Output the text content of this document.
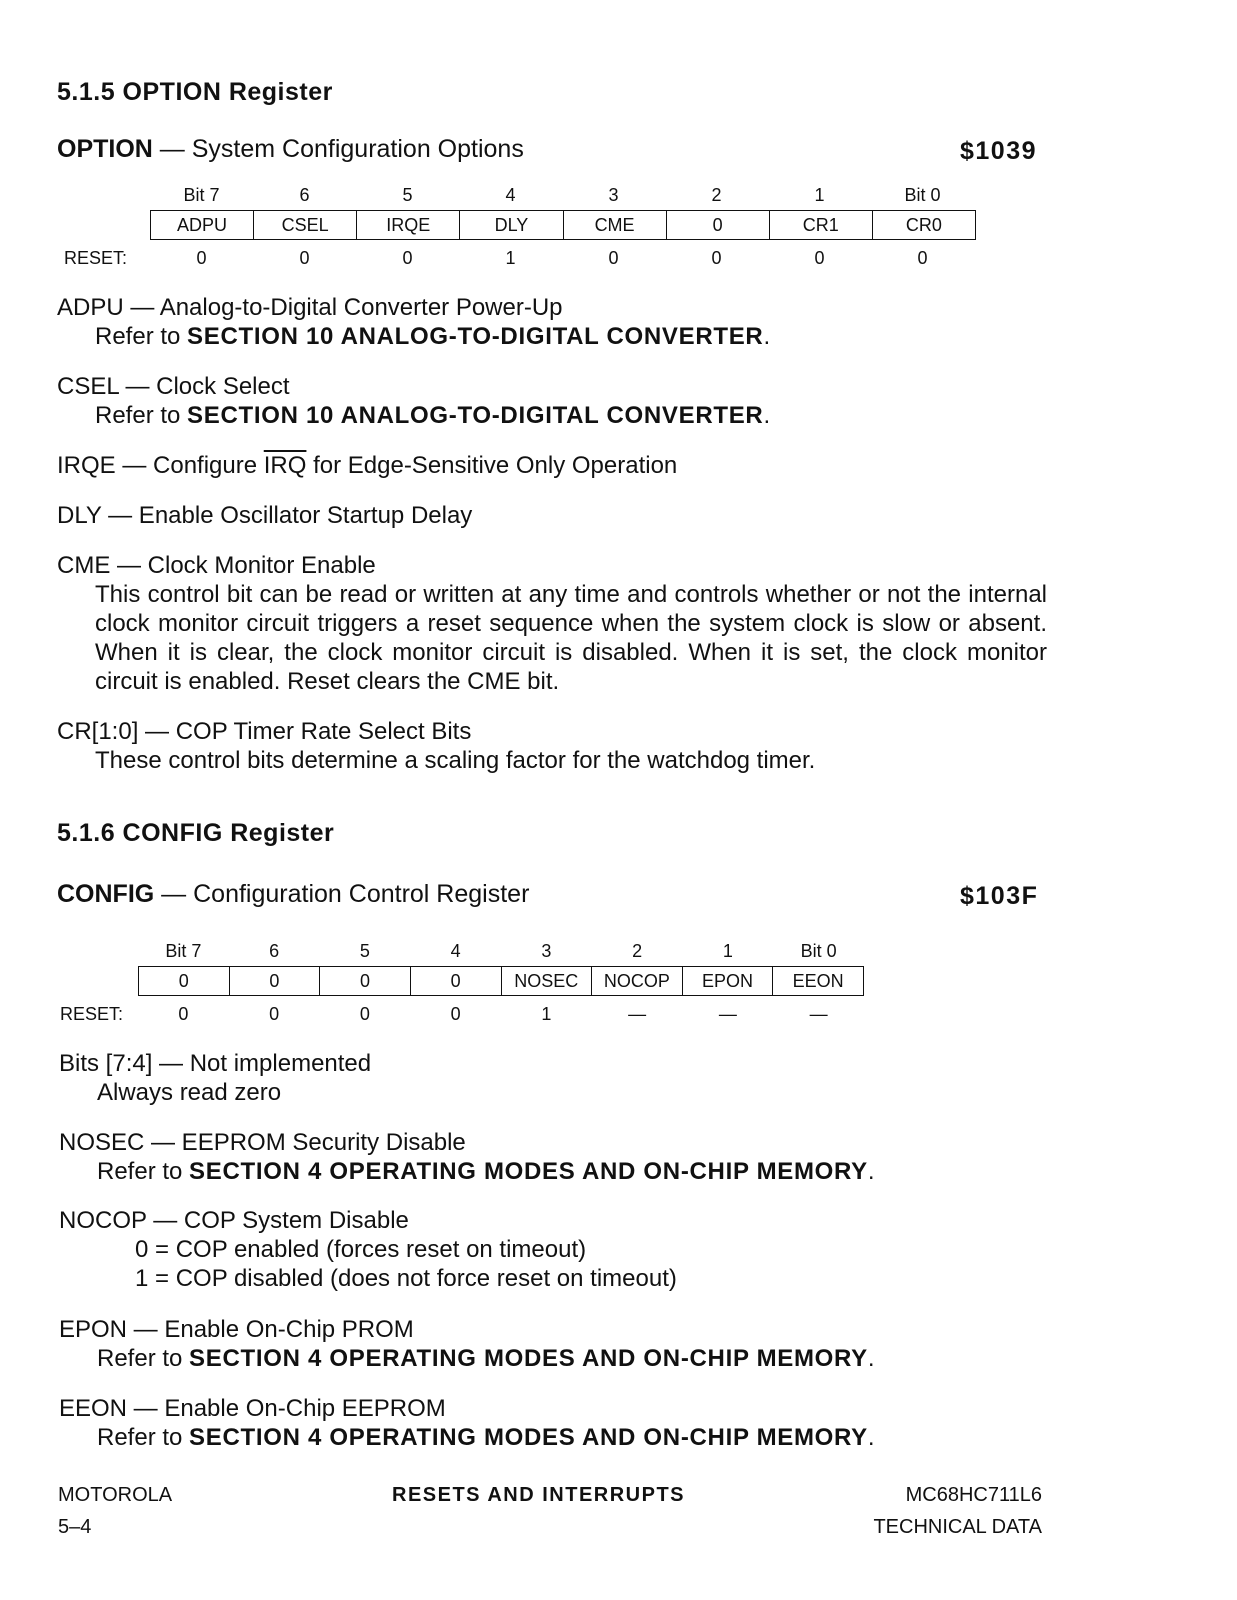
5.1.5 OPTION Register
OPTION — System Configuration Options	$1039
Bit 7	6	5	4	3	2	1	Bit 0
ADPU	CSEL	IRQE	DLY	CME	0	CR1	CR0
RESET:	0	0	0	1	0	0	0	0
ADPU — Analog-to-Digital Converter Power-Up
Refer to SECTION 10 ANALOG-TO-DIGITAL CONVERTER.
CSEL — Clock Select
Refer to SECTION 10 ANALOG-TO-DIGITAL CONVERTER.
IRQE — Configure $\overline{IRQ}$ for Edge-Sensitive Only Operation
DLY — Enable Oscillator Startup Delay
CME — Clock Monitor Enable
This control bit can be read or written at any time and controls whether or not the internal clock monitor circuit triggers a reset sequence when the system clock is slow or absent. When it is clear, the clock monitor circuit is disabled. When it is set, the clock monitor circuit is enabled. Reset clears the CME bit.
CR[1:0] — COP Timer Rate Select Bits
These control bits determine a scaling factor for the watchdog timer.
5.1.6 CONFIG Register
CONFIG — Configuration Control Register	$103F
Bit 7	6	5	4	3	2	1	Bit 0
0	0	0	0	NOSEC	NOCOP	EPON	EEON
RESET:	0	0	0	0	1	—	—	—
Bits [7:4] — Not implemented
Always read zero
NOSEC — EEPROM Security Disable
Refer to SECTION 4 OPERATING MODES AND ON-CHIP MEMORY.
NOCOP — COP System Disable
0 = COP enabled (forces reset on timeout)
1 = COP disabled (does not force reset on timeout)
EPON — Enable On-Chip PROM
Refer to SECTION 4 OPERATING MODES AND ON-CHIP MEMORY.
EEON — Enable On-Chip EEPROM
Refer to SECTION 4 OPERATING MODES AND ON-CHIP MEMORY.
MOTOROLA
5–4
RESETS AND INTERRUPTS	MC68HC711L6
TECHNICAL DATA
